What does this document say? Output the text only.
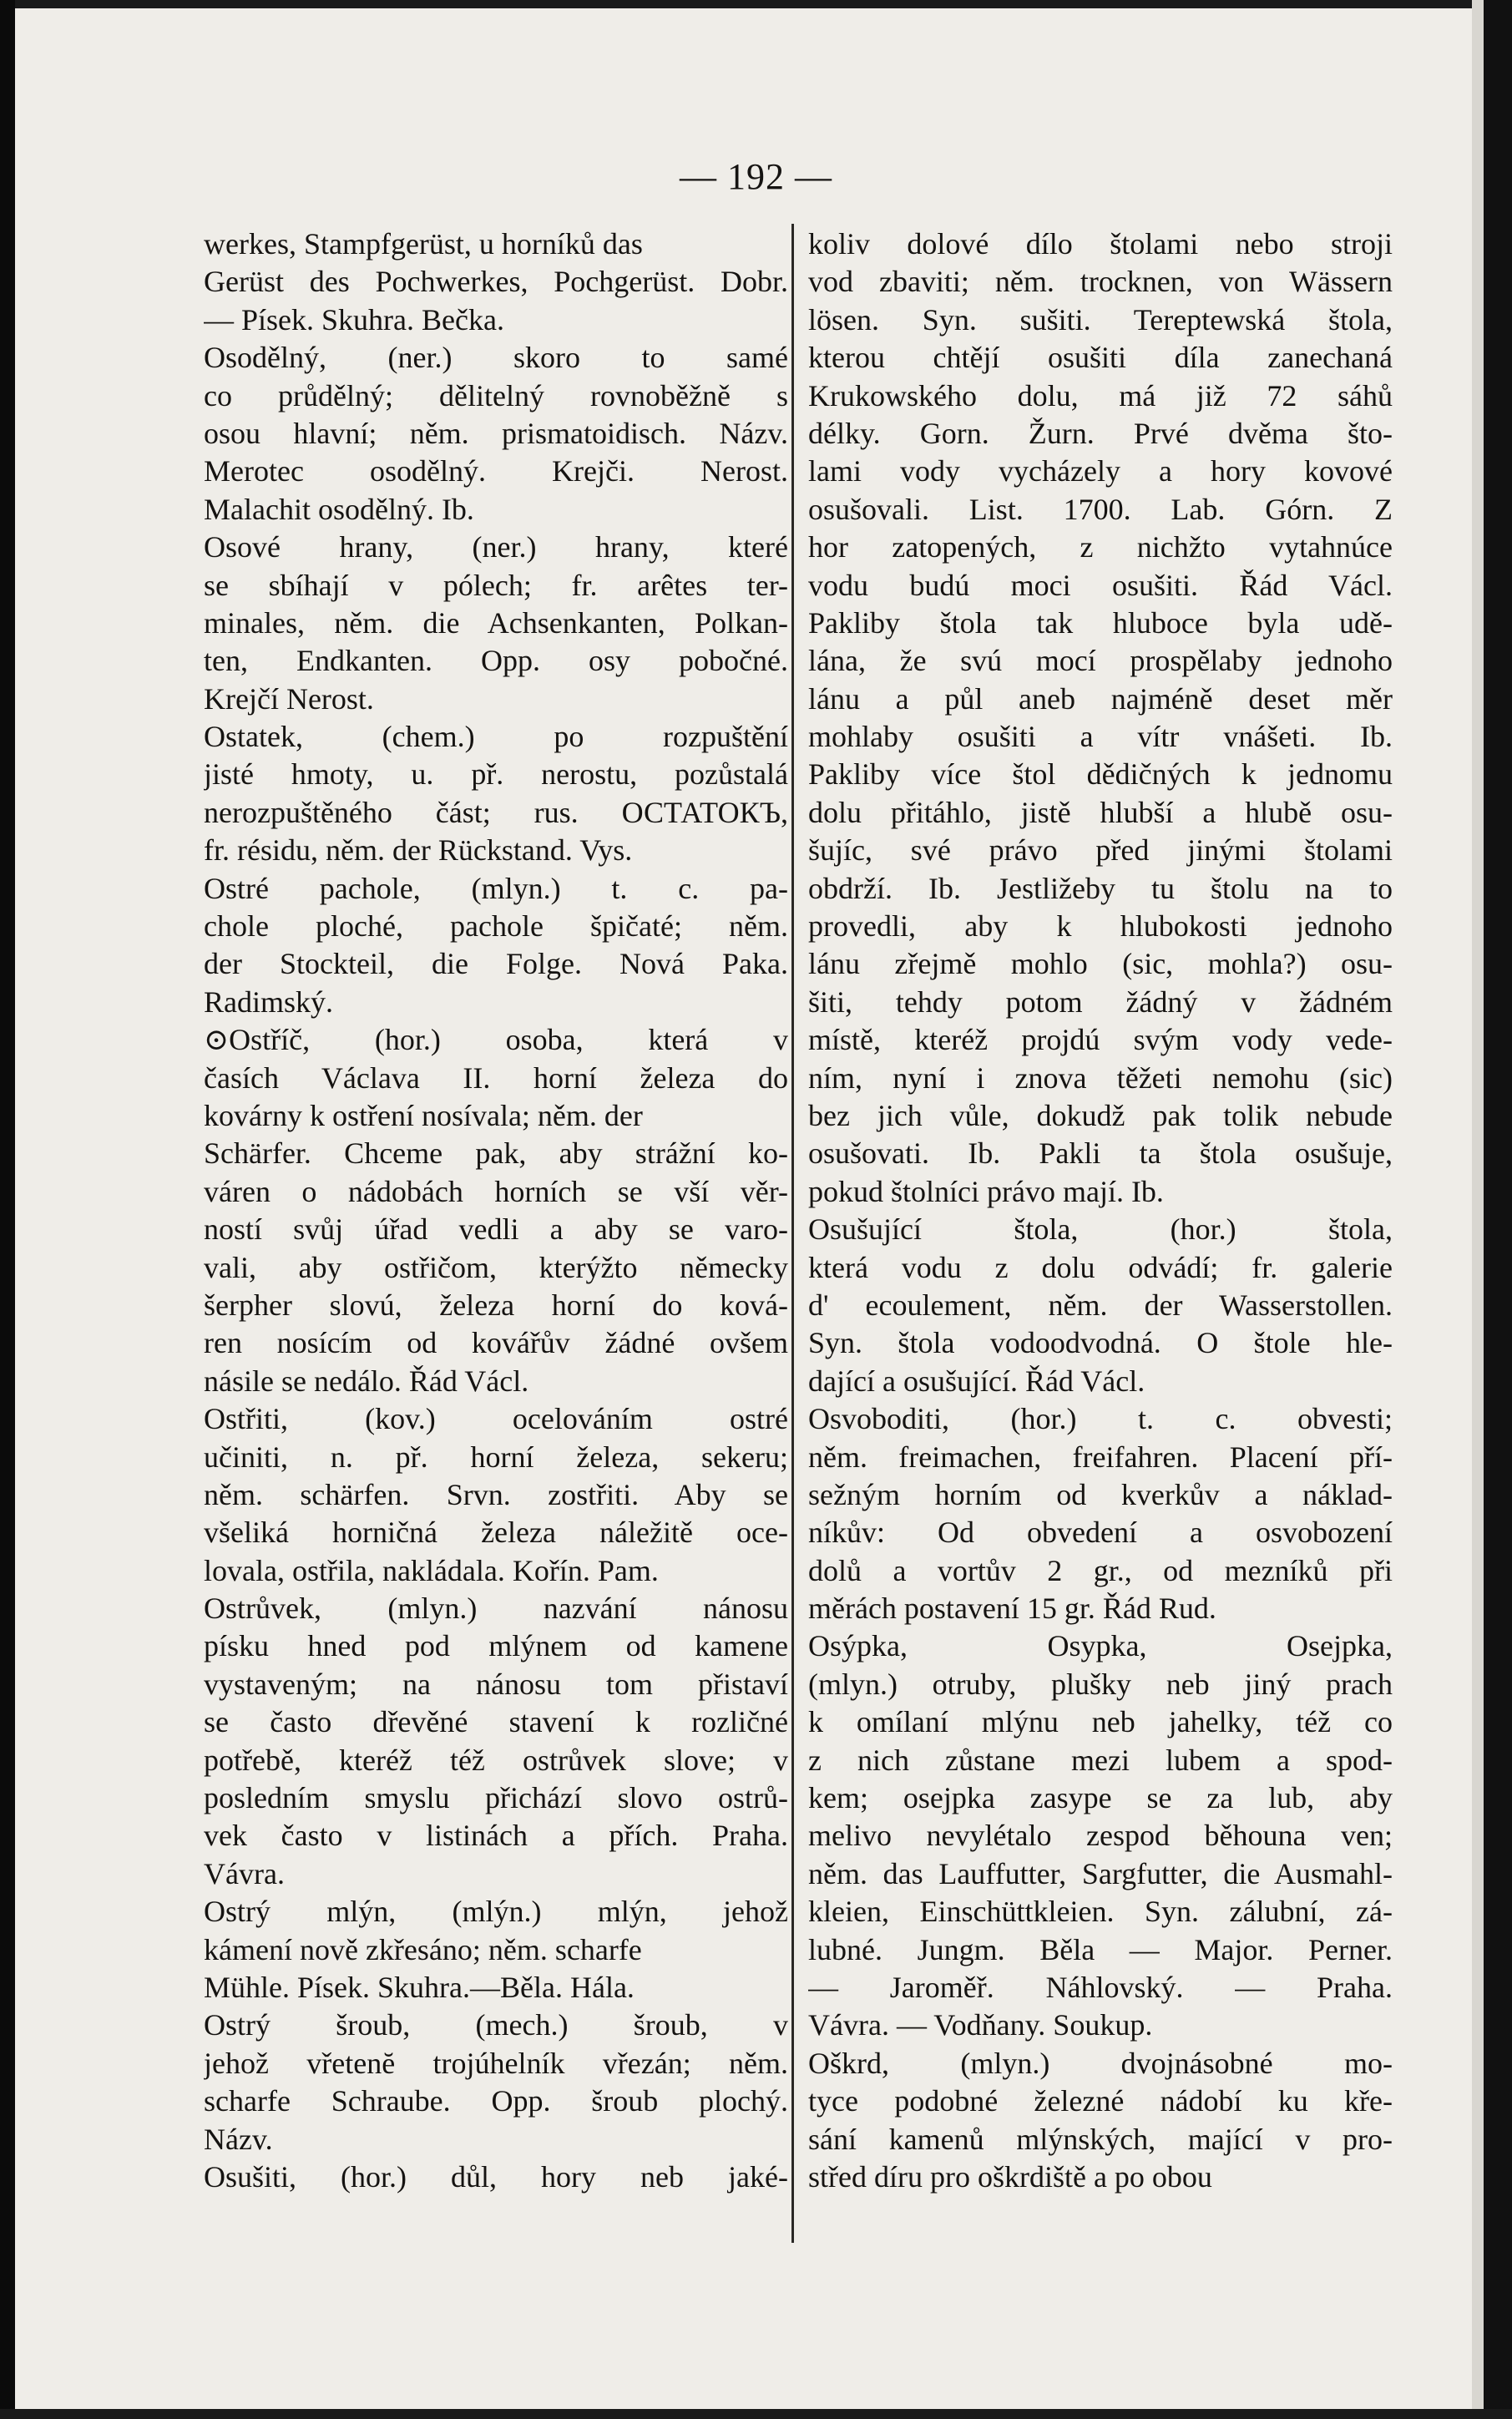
— 192 —
werkes, Stampfgerüst, u horníků das
Gerüst des Pochwerkes, Pochgerüst. Dobr.
— Písek. Skuhra. Bečka.
Osodělný, (ner.) skoro to samé
co průdělný; dělitelný rovnoběžně s
osou hlavní; něm. prismatoidisch. Názv.
Merotec osodělný. Krejči. Nerost.
Malachit osodělný. Ib.
Osové hrany, (ner.) hrany, které
se sbíhají v pólech; fr. arêtes ter-
minales, něm. die Achsenkanten, Polkan-
ten, Endkanten. Opp. osy pobočné.
Krejčí Nerost.
Ostatek, (chem.) po rozpuštění
jisté hmoty, u. př. nerostu, pozůstalá
nerozpuštěného část; rus. ОСТАТОКЪ,
fr. résidu, něm. der Rückstand. Vys.
Ostré pachole, (mlyn.) t. c. pa-
chole ploché, pachole špičaté; něm.
der Stockteil, die Folge. Nová Paka.
Radimský.
⊙Ostříč, (hor.) osoba, která v
časích Václava II. horní železa do
kovárny k ostření nosívala; něm. der
Schärfer. Chceme pak, aby strážní ko-
váren o nádobách horních se vší věr-
ností svůj úřad vedli a aby se varo-
vali, aby ostřičom, kterýžto německy
šerpher slovú, železa horní do ková-
ren nosícím od kovářův žádné ovšem
násile se nedálo. Řád Václ.
Ostřiti, (kov.) ocelováním ostré
učiniti, n. př. horní železa, sekeru;
něm. schärfen. Srvn. zostřiti. Aby se
všeliká horničná železa náležitě oce-
lovala, ostřila, nakládala. Kořín. Pam.
Ostrůvek, (mlyn.) nazvání nánosu
písku hned pod mlýnem od kamene
vystaveným; na nánosu tom přistaví
se často dřevěné stavení k rozličné
potřebě, kteréž též ostrůvek slove; v
posledním smyslu přichází slovo ostrů-
vek často v listinách a přích. Praha.
Vávra.
Ostrý mlýn, (mlýn.) mlýn, jehož
kámení nově zkřesáno; něm. scharfe
Mühle. Písek. Skuhra.—Běla. Hála.
Ostrý šroub, (mech.) šroub, v
jehož vřetenĕ trojúhelník vřezán; něm.
scharfe Schraube. Opp. šroub plochý.
Názv.
Osušiti, (hor.) důl, hory neb jaké-
koliv dolové dílo štolami nebo stroji
vod zbaviti; něm. trocknen, von Wässern
lösen. Syn. sušiti. Tereptewská štola,
kterou chtějí osušiti díla zanechaná
Krukowského dolu, má již 72 sáhů
délky. Gorn. Žurn. Prvé dvěma što-
lami vody vycházely a hory kovové
osušovali. List. 1700. Lab. Górn. Z
hor zatopených, z nichžto vytahnúce
vodu budú moci osušiti. Řád Václ.
Pakliby štola tak hluboce byla udě-
lána, že svú mocí prospělaby jednoho
lánu a půl aneb najméně deset měr
mohlaby osušiti a vítr vnášeti. Ib.
Pakliby více štol dědičných k jednomu
dolu přitáhlo, jistě hlubší a hlubě osu-
šujíc, své právo před jinými štolami
obdrží. Ib. Jestližeby tu štolu na to
provedli, aby k hlubokosti jednoho
lánu zřejmě mohlo (sic, mohla?) osu-
šiti, tehdy potom žádný v žádném
místě, kteréž projdú svým vody vede-
ním, nyní i znova těžeti nemohu (sic)
bez jich vůle, dokudž pak tolik nebude
osušovati. Ib. Pakli ta štola osušuje,
pokud štolníci právo mají. Ib.
Osušující štola, (hor.) štola,
která vodu z dolu odvádí; fr. galerie
d' ecoulement, něm. der Wasserstollen.
Syn. štola vodoodvodná. O štole hle-
dající a osušující. Řád Václ.
Osvoboditi, (hor.) t. c. obvesti;
něm. freimachen, freifahren. Placení pří-
sežným horním od kverkův a náklad-
níkův: Od obvedení a osvobození
dolů a vortův 2 gr., od mezníků při
měrách postavení 15 gr. Řád Rud.
Osýpka, Osypka, Osejpka,
(mlyn.) otruby, plušky neb jiný prach
k omílaní mlýnu neb jahelky, též co
z nich zůstane mezi lubem a spod-
kem; osejpka zasype se za lub, aby
melivo nevylétalo zespod běhouna ven;
něm. das Lauffutter, Sargfutter, die Ausmahl-
kleien, Einschüttkleien. Syn. zálubní, zá-
lubné. Jungm. Běla — Major. Perner.
— Jaroměř. Náhlovský. — Praha.
Vávra. — Vodňany. Soukup.
Oškrd, (mlyn.) dvojnásobné mo-
tyce podobné železné nádobí ku kře-
sání kamenů mlýnských, mající v pro-
střed díru pro oškrdiště a po obou
